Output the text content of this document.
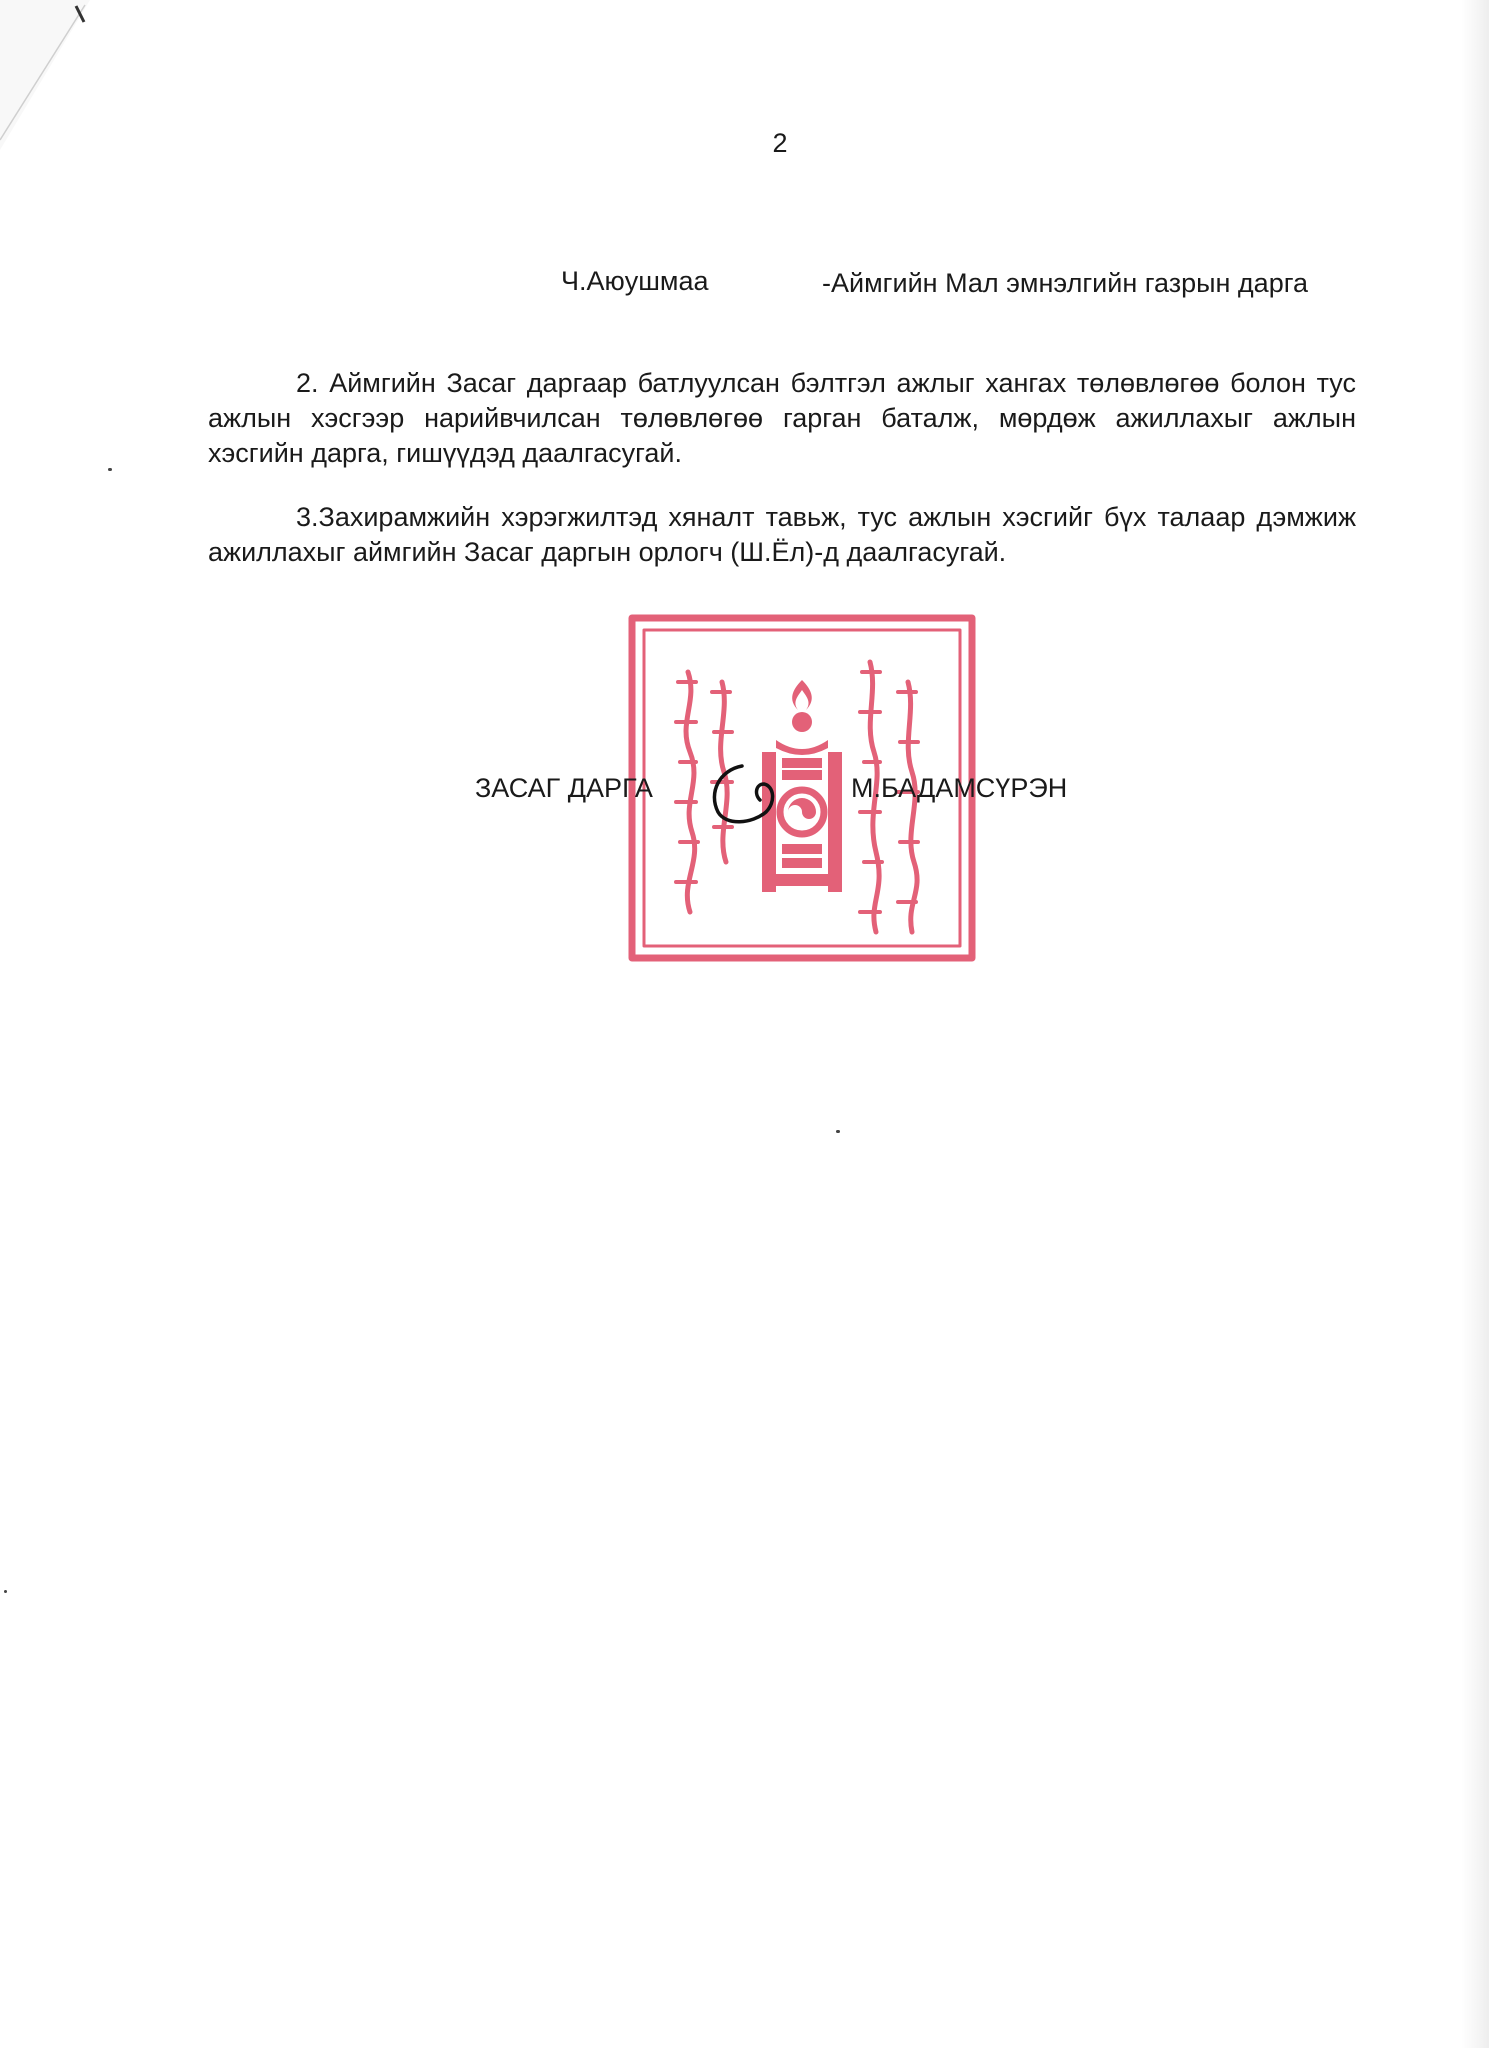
2
Ч.Аюушмаа	-Аймгийн Мал эмнэлгийн газрын дарга
2. Аймгийн Засаг даргаар батлуулсан бэлтгэл ажлыг хангах төлөвлөгөө болон тус ажлын хэсгээр нарийвчилсан төлөвлөгөө гарган баталж, мөрдөж ажиллахыг ажлын хэсгийн дарга, гишүүдэд даалгасугай.
3.Захирамжийн хэрэгжилтэд хяналт тавьж, тус ажлын хэсгийг бүх талаар дэмжиж ажиллахыг аймгийн Засаг даргын орлогч (Ш.Ёл)-д даалгасугай.
ЗАСАГ ДАРГА	М.БАДАМСҮРЭН
